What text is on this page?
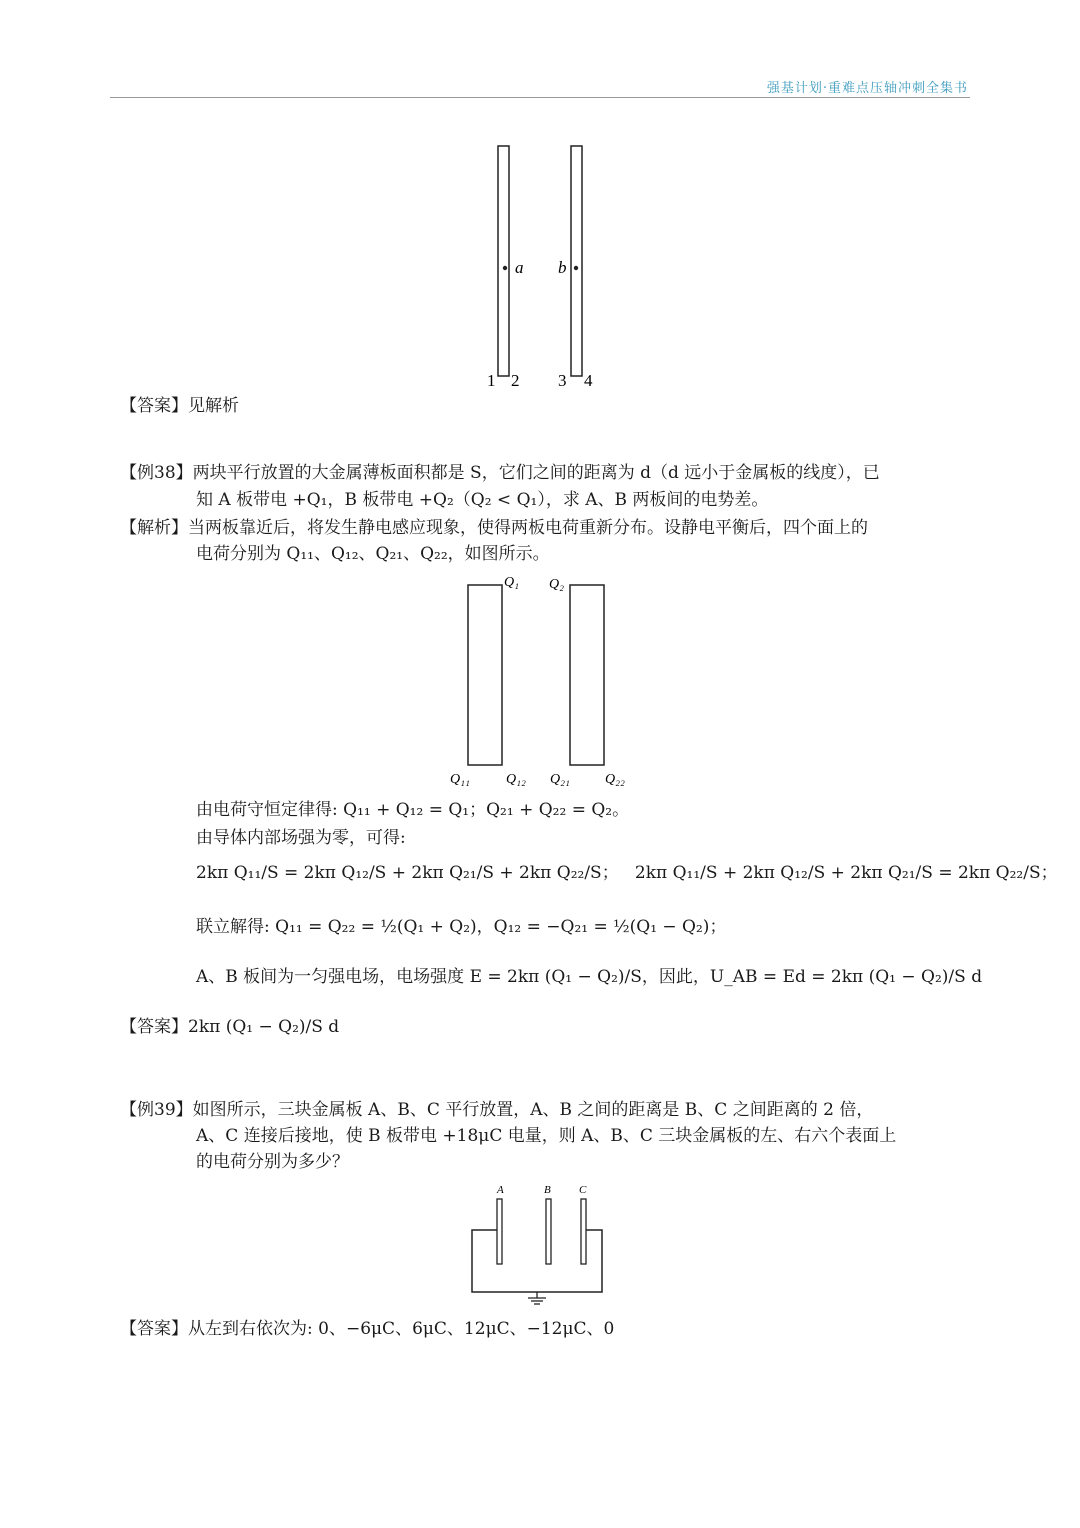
强基计划·重难点压轴冲刺全集书
a b
1 2 3 4
【答案】见解析
【例38】两块平行放置的大金属薄板面积都是 S，它们之间的距离为 d（d 远小于金属板的线度），已
知 A 板带电 +Q₁，B 板带电 +Q₂（Q₂ < Q₁），求 A、B 两板间的电势差。
【解析】当两板靠近后，将发生静电感应现象，使得两板电荷重新分布。设静电平衡后，四个面上的
电荷分别为 Q₁₁、Q₁₂、Q₂₁、Q₂₂，如图所示。
Q₁ Q₂
Q₁₁	Q₁₂ Q₂₁	Q₂₂
由电荷守恒定律得: Q₁₁ + Q₁₂ = Q₁；Q₂₁ + Q₂₂ = Q₂。
由导体内部场强为零，可得:
2kπ Q₁₁/S = 2kπ Q₁₂/S + 2kπ Q₂₁/S + 2kπ Q₂₂/S； 2kπ Q₁₁/S + 2kπ Q₁₂/S + 2kπ Q₂₁/S = 2kπ Q₂₂/S；
联立解得: Q₁₁ = Q₂₂ = ½(Q₁ + Q₂)，Q₁₂ = −Q₂₁ = ½(Q₁ − Q₂)；
A、B 板间为一匀强电场，电场强度 E = 2kπ (Q₁ − Q₂)/S，因此，U_AB = Ed = 2kπ (Q₁ − Q₂)/S d
【答案】2kπ (Q₁ − Q₂)/S d
【例39】如图所示，三块金属板 A、B、C 平行放置，A、B 之间的距离是 B、C 之间距离的 2 倍，
A、C 连接后接地，使 B 板带电 +18μC 电量，则 A、B、C 三块金属板的左、右六个表面上
的电荷分别为多少？
A	B	C
【答案】从左到右依次为: 0、−6μC、6μC、12μC、−12μC、0
